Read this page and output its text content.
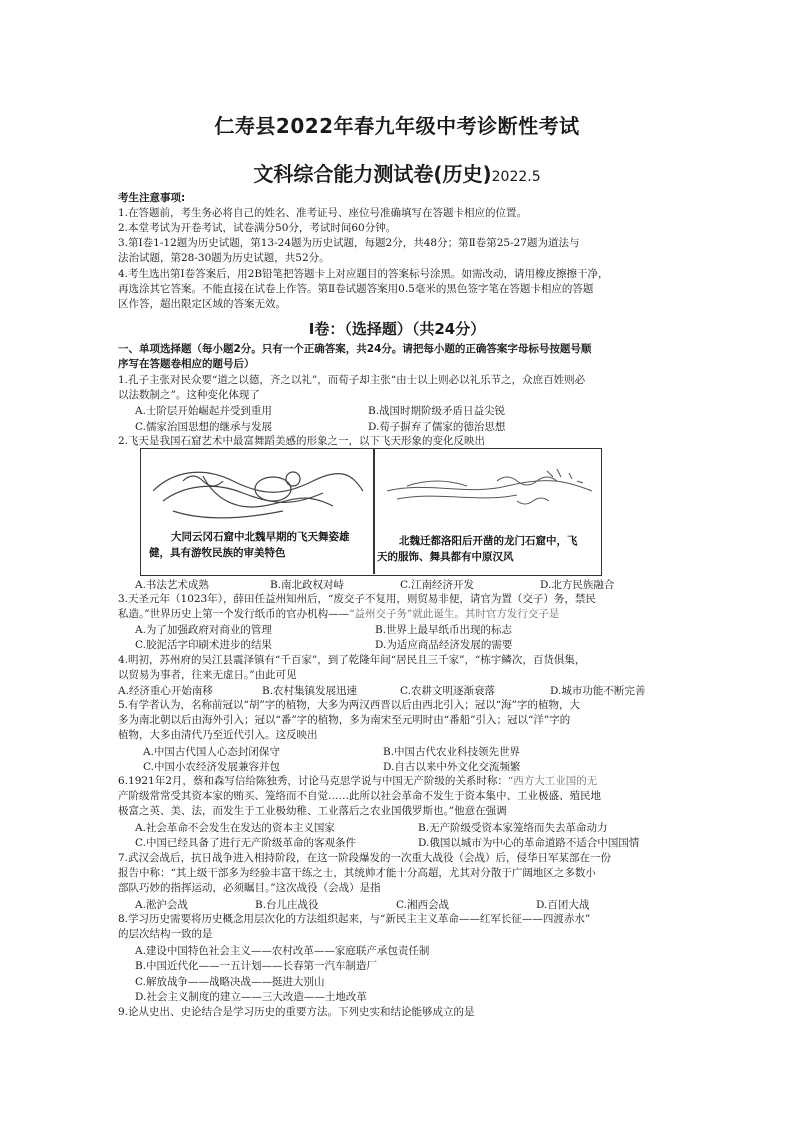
仁寿县2022年春九年级中考诊断性考试
文科综合能力测试卷(历史)2022.5
考生注意事项:
1.在答题前，考生务必将自己的姓名、准考证号、座位号准确填写在答题卡相应的位置。
2.本堂考试为开卷考试，试卷满分50分，考试时间60分钟。
3.第Ⅰ卷1-12题为历史试题，第13-24题为历史试题，每题2分，共48分；第Ⅱ卷第25-27题为道法与
法治试题，第28-30题为历史试题，共52分。
4.考生选出第Ⅰ卷答案后，用2B铅笔把答题卡上对应题目的答案标号涂黑。如需改动，请用橡皮擦擦干净，
再选涂其它答案。不能直接在试卷上作答。第Ⅱ卷试题答案用0.5毫米的黑色签字笔在答题卡相应的答题
区作答，超出限定区域的答案无效。
Ⅰ卷：（选择题）（共24分）
一、单项选择题（每小题2分。只有一个正确答案，共24分。请把每小题的正确答案字母标号按题号顺
序写在答题卷相应的题号后）
1.孔子主张对民众要“道之以德，齐之以礼”，而荀子却主张“由士以上则必以礼乐节之，众庶百姓则必
以法数制之”。这种变化体现了
A.士阶层开始崛起并受到重用	B.战国时期阶级矛盾日益尖锐
C.儒家治国思想的继承与发展	D.荀子摒弃了儒家的德治思想
2.飞天是我国石窟艺术中最富舞蹈美感的形象之一，以下飞天形象的变化反映出
大同云冈石窟中北魏早期的飞天舞姿雄
健，具有游牧民族的审美特色
北魏迁都洛阳后开凿的龙门石窟中，飞
天的服饰、舞具都有中原汉风
A.书法艺术成熟	B.南北政权对峙	C.江南经济开发	D.北方民族融合
3.天圣元年（1023年），薛田任益州知州后，“废交子不复用，则贸易非便，请官为置（交子）务，禁民
私造。”世界历史上第一个发行纸币的官办机构——“益州交子务”就此诞生。其时官方发行交子是
A.为了加强政府对商业的管理	B.世界上最早纸币出现的标志
C.胶泥活字印刷术进步的结果	D.为适应商品经济发展的需要
4.明初，苏州府的吴江县震泽镇有“千百家”，到了乾隆年间“居民且三千家”，“栋宇鳞次，百货俱集，
以贸易为事者，往来无虚日。”由此可见
A.经济重心开始南移	B.农村集镇发展迅速	C.农耕文明逐渐衰落	D.城市功能不断完善
5.有学者认为，名称前冠以“胡”字的植物，大多为两汉西晋以后由西北引入；冠以“海”字的植物，大
多为南北朝以后由海外引入；冠以“番”字的植物，多为南宋至元明时由“番船”引入；冠以“洋”字的
植物，大多由清代乃至近代引入。这反映出
A.中国古代国人心态封闭保守	B.中国古代农业科技领先世界
C.中国小农经济发展兼容并包	D.自古以来中外文化交流频繁
6.1921年2月，蔡和森写信给陈独秀，讨论马克思学说与中国无产阶级的关系时称：“西方大工业国的无
产阶级常常受其资本家的贿买、笼络而不自觉……此所以社会革命不发生于资本集中、工业极盛、殖民地
极富之英、美、法，而发生于工业极幼稚、工业落后之农业国俄罗斯也。”他意在强调
A.社会革命不会发生在发达的资本主义国家	B.无产阶级受资本家笼络而失去革命动力
C.中国已经具备了进行无产阶级革命的客观条件	D.俄国以城市为中心的革命道路不适合中国国情
7.武汉会战后，抗日战争进入相持阶段，在这一阶段爆发的一次重大战役（会战）后，侵华日军某部在一份
报告中称：“其上级干部多为经验丰富干练之士，其统帅才能十分高超，尤其对分散于广阔地区之多数小
部队巧妙的指挥运动，必须瞩目。”这次战役（会战）是指
A.淞沪会战	B.台儿庄战役	C.湘西会战	D.百团大战
8.学习历史需要将历史概念用层次化的方法组织起来，与“新民主主义革命——红军长征——四渡赤水”
的层次结构一致的是
A.建设中国特色社会主义——农村改革——家庭联产承包责任制
B.中国近代化——一五计划——长春第一汽车制造厂
C.解放战争——战略决战——挺进大别山
D.社会主义制度的建立——三大改造——土地改革
9.论从史出、史论结合是学习历史的重要方法。下列史实和结论能够成立的是
